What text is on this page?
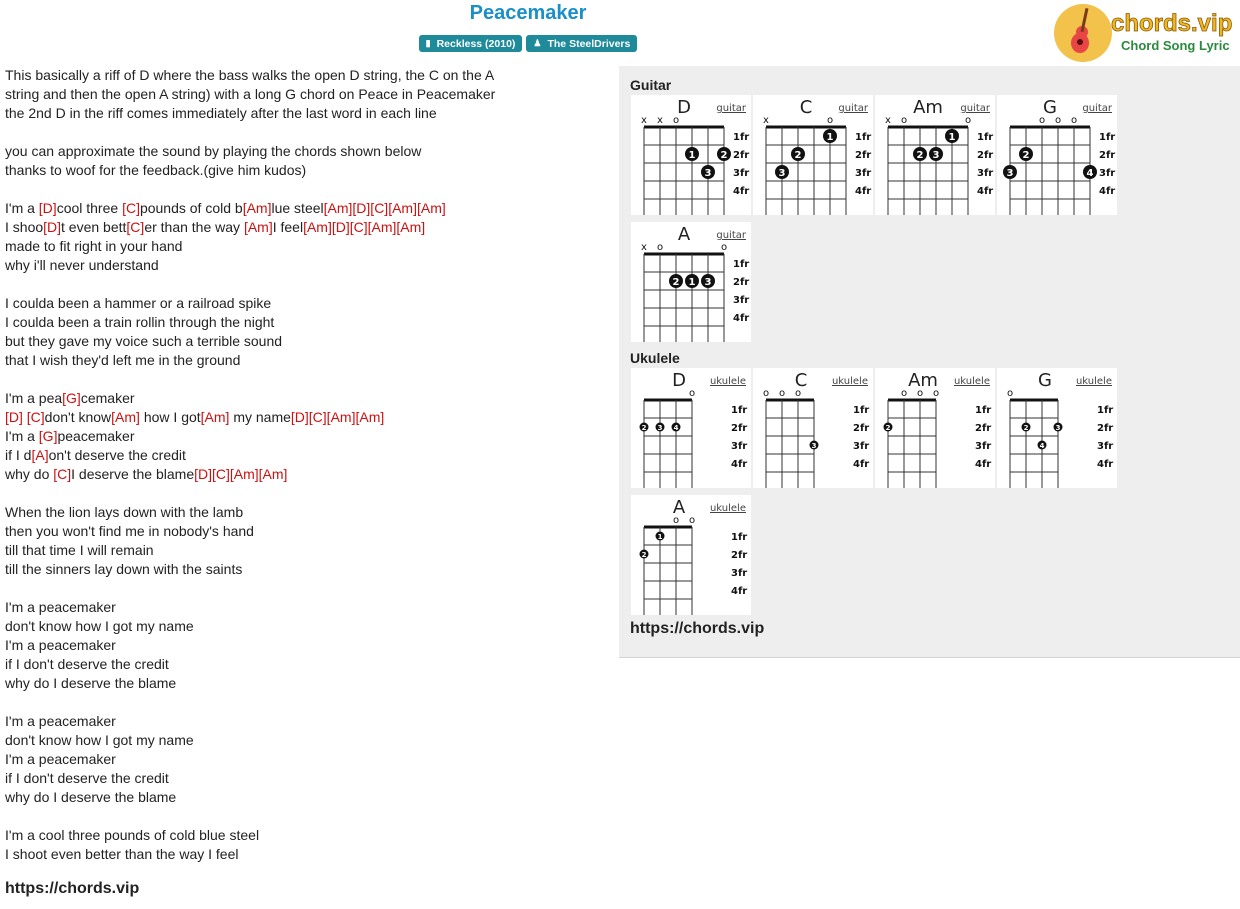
Peacemaker
▮ Reckless (2010)
♟ The SteelDrivers
chords.vip
Chord Song Lyric
This basically a riff of D where the bass walks the open D string, the C on the A
string and then the open A string) with a long G chord on Peace in Peacemaker
the 2nd D in the riff comes immediately after the last word in each line

you can approximate the sound by playing the chords shown below
thanks to woof for the feedback.(give him kudos)

I'm a [D]cool three [C]pounds of cold b[Am]lue steel[Am][D][C][Am][Am]
I shoo[D]t even bett[C]er than the way [Am]I feel[Am][D][C][Am][Am]
made to fit right in your hand
why i'll never understand

I coulda been a hammer or a railroad spike
I coulda been a train rollin through the night
but they gave my voice such a terrible sound
that I wish they'd left me in the ground

I'm a pea[G]cemaker
[D] [C]don't know[Am] how I got[Am] my name[D][C][Am][Am]
I'm a [G]peacemaker
if I d[A]on't deserve the credit
why do [C]I deserve the blame[D][C][Am][Am]

When the lion lays down with the lamb
then you won't find me in nobody's hand
till that time I will remain
till the sinners lay down with the saints

I'm a peacemaker
don't know how I got my name
I'm a peacemaker
if I don't deserve the credit
why do I deserve the blame

I'm a peacemaker
don't know how I got my name
I'm a peacemaker
if I don't deserve the credit
why do I deserve the blame

I'm a cool three pounds of cold blue steel
I shoot even better than the way I feel
https://chords.vip
Guitar
Ukulele
https://chords.vip
D	guitar
x x o
1fr
2fr
3fr
4fr
1	2
3
C	guitar
x	o
1fr
2fr
3fr
4fr
1
2
3
Am guitar
x o	o
1fr
2fr
3fr
4fr
1
2 3
G	guitar
o o o
1fr
2fr
3fr
4fr
2
3	4
A	guitar
x o	o
1fr
2fr
3fr
4fr
2 1 3
D ukulele
o
1fr
2fr
3fr
4fr
2 3 4
C ukulele
o o o
1fr
2fr
3fr
4fr
3
Am ukulele
o o o
1fr
2fr
3fr
4fr
2
G ukulele
o
1fr
2fr
3fr
4fr
2	3
4
A ukulele
o o
1fr
2fr
3fr
4fr
1
2
